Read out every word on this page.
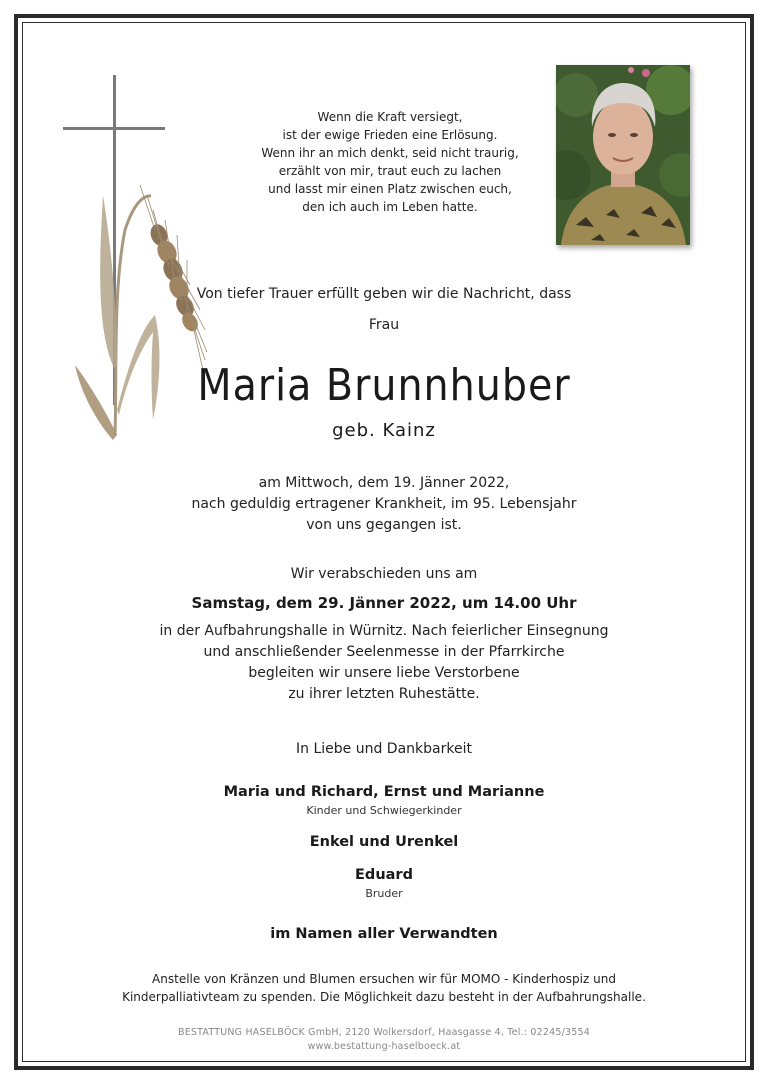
Wenn die Kraft versiegt,
ist der ewige Frieden eine Erlösung.
Wenn ihr an mich denkt, seid nicht traurig,
erzählt von mir, traut euch zu lachen
und lasst mir einen Platz zwischen euch,
den ich auch im Leben hatte.
Von tiefer Trauer erfüllt geben wir die Nachricht, dass
Frau
Maria Brunnhuber
geb. Kainz
am Mittwoch, dem 19. Jänner 2022,
nach geduldig ertragener Krankheit, im 95. Lebensjahr
von uns gegangen ist.
Wir verabschieden uns am
Samstag, dem 29. Jänner 2022, um 14.00 Uhr
in der Aufbahrungshalle in Würnitz. Nach feierlicher Einsegnung
und anschließender Seelenmesse in der Pfarrkirche
begleiten wir unsere liebe Verstorbene
zu ihrer letzten Ruhestätte.
In Liebe und Dankbarkeit
Maria und Richard, Ernst und Marianne
Kinder und Schwiegerkinder
Enkel und Urenkel
Eduard
Bruder
im Namen aller Verwandten
Anstelle von Kränzen und Blumen ersuchen wir für MOMO - Kinderhospiz und
Kinderpalliativteam zu spenden. Die Möglichkeit dazu besteht in der Aufbahrungshalle.
BESTATTUNG HASELBÖCK GmbH, 2120 Wolkersdorf, Haasgasse 4, Tel.: 02245/3554
www.bestattung-haselboeck.at
